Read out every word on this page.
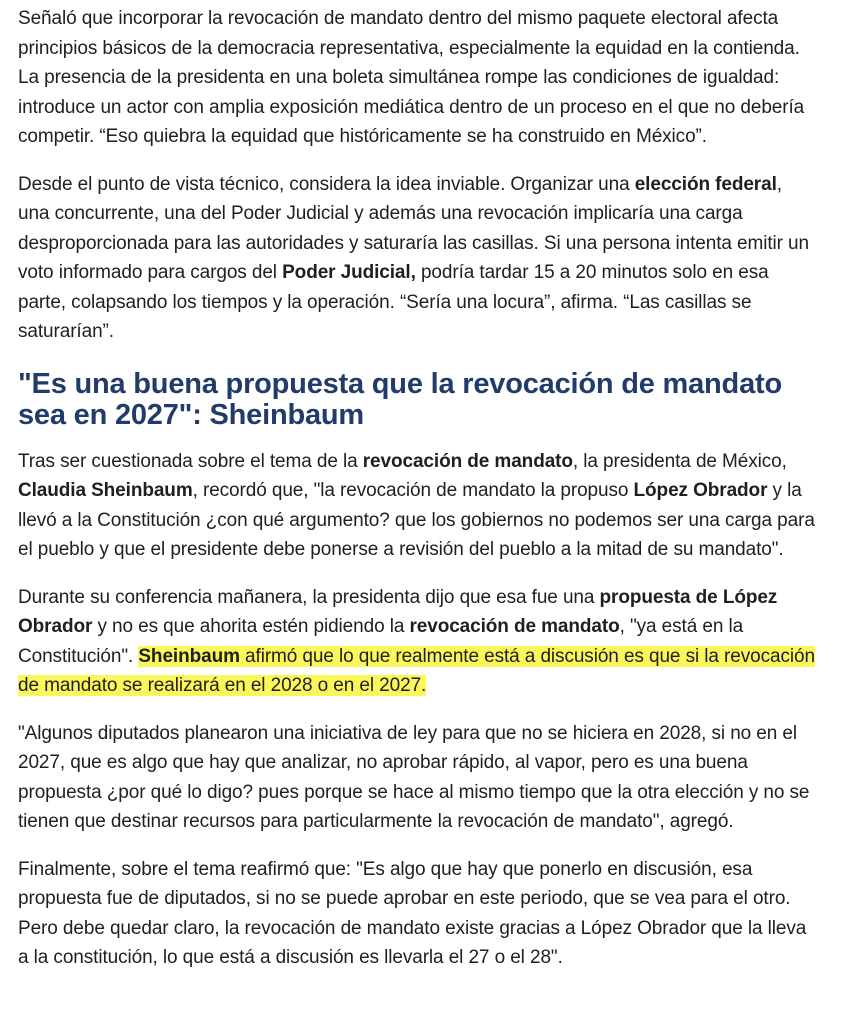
Señaló que incorporar la revocación de mandato dentro del mismo paquete electoral afecta principios básicos de la democracia representativa, especialmente la equidad en la contienda. La presencia de la presidenta en una boleta simultánea rompe las condiciones de igualdad: introduce un actor con amplia exposición mediática dentro de un proceso en el que no debería competir. “Eso quiebra la equidad que históricamente se ha construido en México”.

Desde el punto de vista técnico, considera la idea inviable. Organizar una elección federal, una concurrente, una del Poder Judicial y además una revocación implicaría una carga desproporcionada para las autoridades y saturaría las casillas. Si una persona intenta emitir un voto informado para cargos del Poder Judicial, podría tardar 15 a 20 minutos solo en esa parte, colapsando los tiempos y la operación. “Sería una locura”, afirma. “Las casillas se saturarían”.

"Es una buena propuesta que la revocación de mandato sea en 2027": Sheinbaum

Tras ser cuestionada sobre el tema de la revocación de mandato, la presidenta de México, Claudia Sheinbaum, recordó que, "la revocación de mandato la propuso López Obrador y la llevó a la Constitución ¿con qué argumento? que los gobiernos no podemos ser una carga para el pueblo y que el presidente debe ponerse a revisión del pueblo a la mitad de su mandato".

Durante su conferencia mañanera, la presidenta dijo que esa fue una propuesta de López Obrador y no es que ahorita estén pidiendo la revocación de mandato, "ya está en la Constitución". Sheinbaum afirmó que lo que realmente está a discusión es que si la revocación de mandato se realizará en el 2028 o en el 2027.

"Algunos diputados planearon una iniciativa de ley para que no se hiciera en 2028, si no en el 2027, que es algo que hay que analizar, no aprobar rápido, al vapor, pero es una buena propuesta ¿por qué lo digo? pues porque se hace al mismo tiempo que la otra elección y no se tienen que destinar recursos para particularmente la revocación de mandato", agregó.

Finalmente, sobre el tema reafirmó que: "Es algo que hay que ponerlo en discusión, esa propuesta fue de diputados, si no se puede aprobar en este periodo, que se vea para el otro. Pero debe quedar claro, la revocación de mandato existe gracias a López Obrador que la lleva a la constitución, lo que está a discusión es llevarla el 27 o el 28".
